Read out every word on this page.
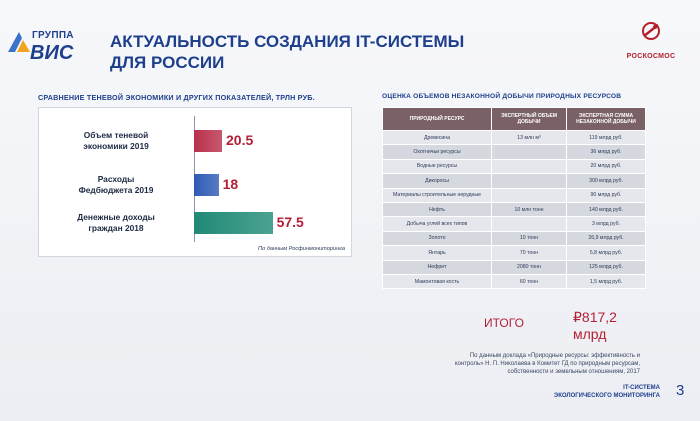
ГРУППА
ВИС
АКТУАЛЬНОСТЬ СОЗДАНИЯ IT-СИСТЕМЫ
ДЛЯ РОССИИ	РОСКОСМОС
СРАВНЕНИЕ ТЕНЕВОЙ ЭКОНОМИКИ И ДРУГИХ ПОКАЗАТЕЛЕЙ, ТРЛН РУБ.
По данным Росфинмониторинга
Объем теневой
экономики 2019	20.5
Расходы
Федбюджета 2019	18
Денежные доходы
граждан 2018	57.5
ОЦЕНКА ОБЪЕМОВ НЕЗАКОННОЙ ДОБЫЧИ ПРИРОДНЫХ РЕСУРСОВ
ПРИРОДНЫЙ РЕСУРС	ЭКСПЕРТНЫЙ ОБЪЕМ ДОБЫЧИ	ЭКСПЕРТНАЯ СУММА НЕЗАКОННОЙ ДОБЫЧИ
Древесина	13 млн м³	119 млрд руб.
Охотничьи ресурсы		36 млрд руб.
Водные ресурсы		20 млрд руб.
Дикоросы		300 млрд руб.
Материалы строительные нерудные		90 млрд руб.
Нефть	10 млн тонн	140 млрд руб.
Добыча углей всех типов		3 млрд руб.
Золото	10 тонн	26,9 млрд руб.
Янтарь	70 тонн	5,8 млрд руб.
Нефрит	2080 тонн	125 млрд руб.
Мамонтовая кость	60 тонн	1,5 млрд руб.
ИТОГО	₽817,2
млрд
По данным доклада «Природные ресурсы: эффективность и
контроль» Н. П. Николаева в Комитет ГД по природным ресурсам,
собственности и земельным отношениям, 2017
IT-СИСТЕМА
ЭКОЛОГИЧЕСКОГО МОНИТОРИНГА 3
